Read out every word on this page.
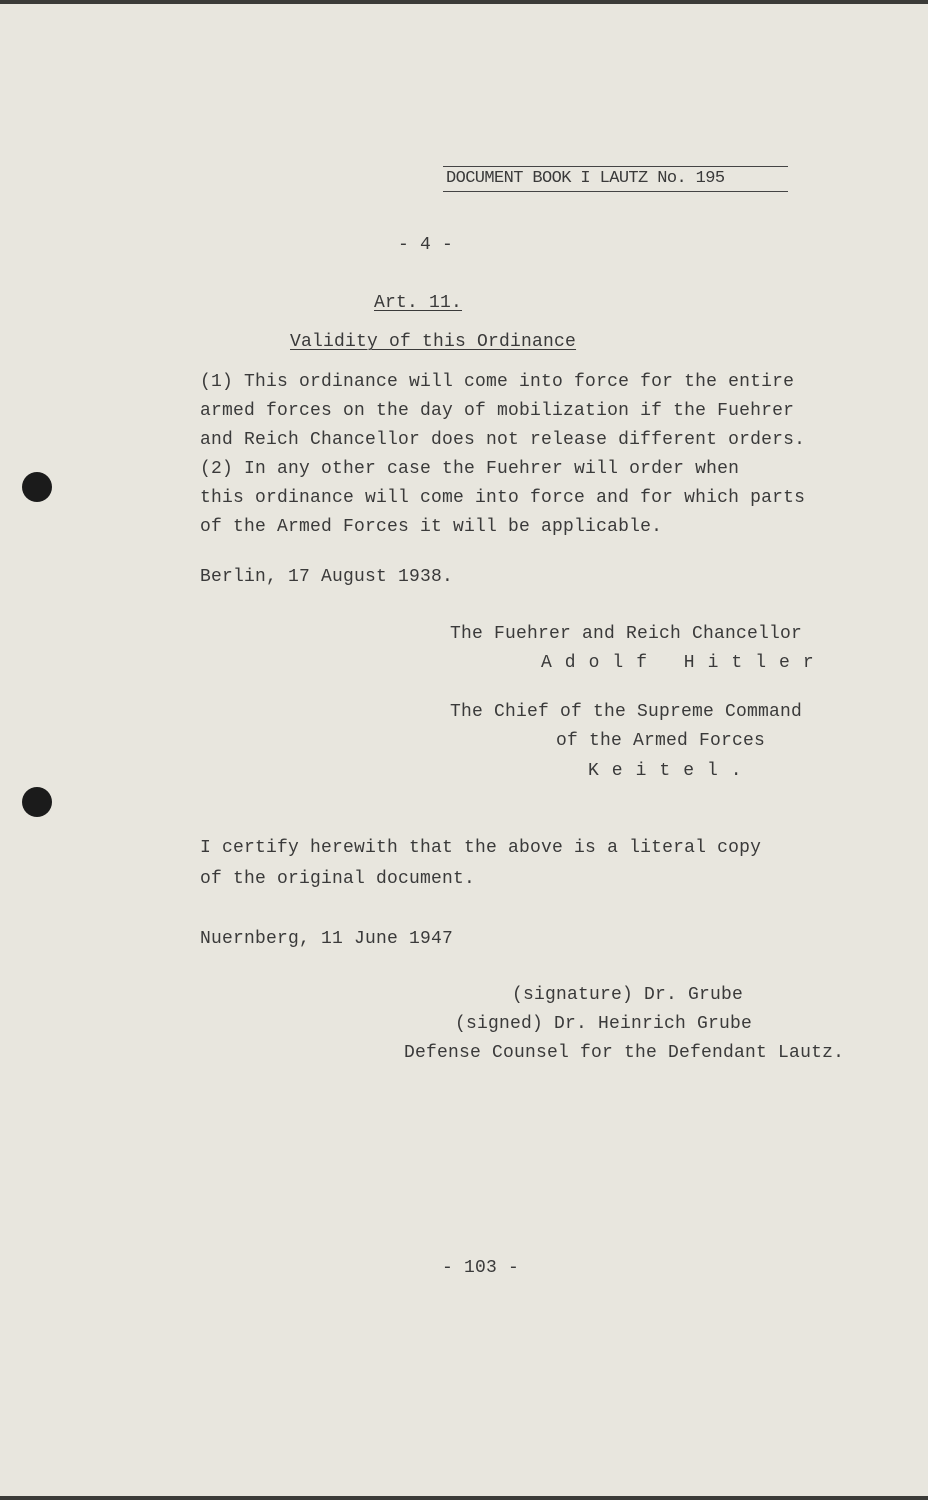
DOCUMENT BOOK I LAUTZ No. 195
- 4 -
Art. 11.
Validity of this Ordinance
(1) This ordinance will come into force for the entire
armed forces on the day of mobilization if the Fuehrer
and Reich Chancellor does not release different orders.
(2) In any other case the Fuehrer will order when
this ordinance will come into force and for which parts
of the Armed Forces it will be applicable.
Berlin, 17 August 1938.
The Fuehrer and Reich Chancellor
Adolf Hitler
The Chief of the Supreme Command
of the Armed Forces
Keitel.
I certify herewith that the above is a literal copy
of the original document.
Nuernberg, 11 June 1947
(signature) Dr. Grube
(signed) Dr. Heinrich Grube
Defense Counsel for the Defendant Lautz.
- 103 -
